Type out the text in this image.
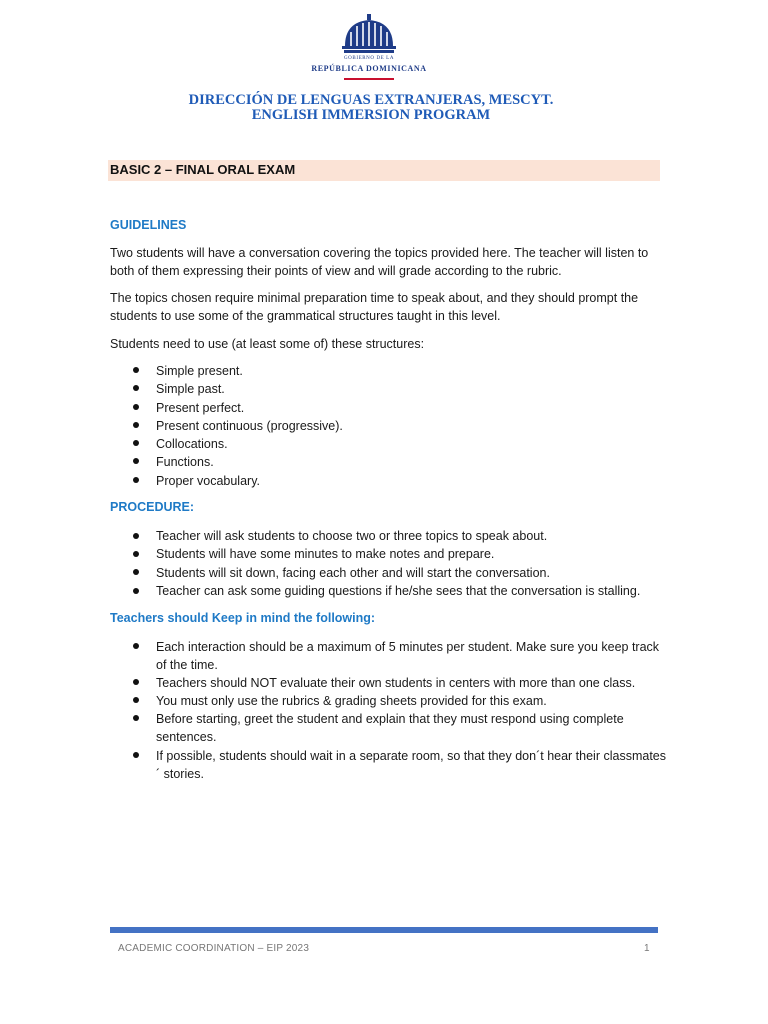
GOBIERNO DE LA
REPÚBLICA DOMINICANA
DIRECCIÓN DE LENGUAS EXTRANJERAS, MESCYT.
ENGLISH IMMERSION PROGRAM
BASIC 2 – FINAL ORAL EXAM
GUIDELINES
Two students will have a conversation covering the topics provided here. The teacher will listen to both of them expressing their points of view and will grade according to the rubric.
The topics chosen require minimal preparation time to speak about, and they should prompt the students to use some of the grammatical structures taught in this level.
Students need to use (at least some of) these structures:
Simple present.
Simple past.
Present perfect.
Present continuous (progressive).
Collocations.
Functions.
Proper vocabulary.
PROCEDURE:
Teacher will ask students to choose two or three topics to speak about.
Students will have some minutes to make notes and prepare.
Students will sit down, facing each other and will start the conversation.
Teacher can ask some guiding questions if he/she sees that the conversation is stalling.
Teachers should Keep in mind the following:
Each interaction should be a maximum of 5 minutes per student. Make sure you keep track of the time.
Teachers should NOT evaluate their own students in centers with more than one class.
You must only use the rubrics & grading sheets provided for this exam.
Before starting, greet the student and explain that they must respond using complete sentences.
If possible, students should wait in a separate room, so that they don´t hear their classmates´ stories.
ACADEMIC COORDINATION – EIP 2023	1
